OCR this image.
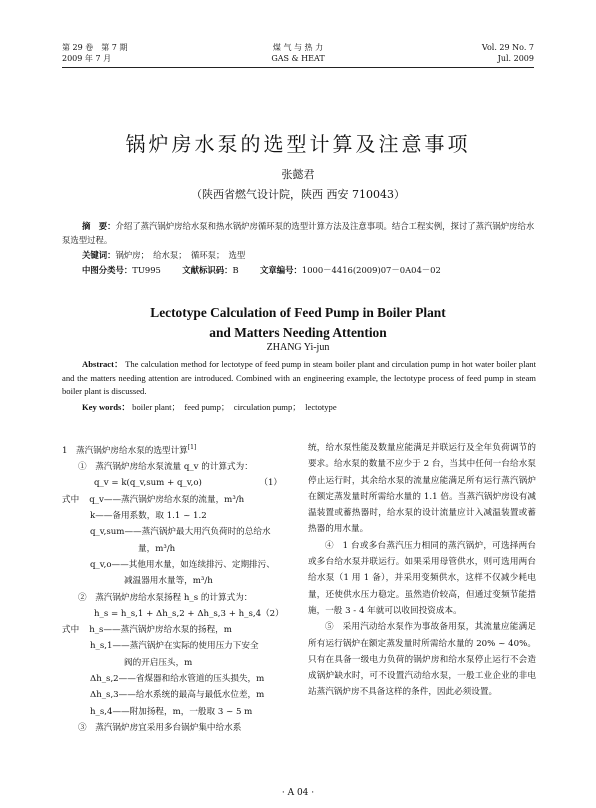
第 29 卷　第 7 期
2009 年 7 月
煤 气 与 热 力
GAS & HEAT
Vol. 29 No. 7
Jul. 2009
锅炉房水泵的选型计算及注意事项
张懿君
（陕西省燃气设计院，陕西 西安 710043）
摘　要：介绍了蒸汽锅炉房给水泵和热水锅炉房循环泵的选型计算方法及注意事项。结合工程实例，探讨了蒸汽锅炉房给水泵选型过程。
关键词：锅炉房；　给水泵；　循环泵；　选型
中图分类号：TU995	文献标识码：B	文章编号：1000－4416(2009)07－0A04－02
Lectotype Calculation of Feed Pump in Boiler Plant
and Matters Needing Attention
ZHANG Yi-jun
Abstract： The calculation method for lectotype of feed pump in steam boiler plant and circulation pump in hot water boiler plant and the matters needing attention are introduced. Combined with an engineering example, the lectotype process of feed pump in steam boiler plant is discussed.
Key words： boiler plant；　feed pump；　circulation pump；　lectotype
1　蒸汽锅炉房给水泵的选型计算[1]
①　蒸汽锅炉房给水泵流量 q_v 的计算式为：
q_v = k(q_v,sum + q_v,o)	（1）
式中 q_v——蒸汽锅炉房给水泵的流量，m³/h
k——备用系数，取 1.1 ~ 1.2
q_v,sum——蒸汽锅炉最大用汽负荷时的总给水
量，m³/h
q_v,o——其他用水量，如连续排污、定期排污、
减温器用水量等，m³/h
②　蒸汽锅炉房给水泵扬程 h_s 的计算式为：
h_s = h_s,1 + Δh_s,2 + Δh_s,3 + h_s,4 （2）
式中 h_s——蒸汽锅炉房给水泵的扬程，m
h_s,1——蒸汽锅炉在实际的使用压力下安全
阀的开启压头，m
Δh_s,2——省煤器和给水管道的压头损失，m
Δh_s,3——给水系统的最高与最低水位差，m
h_s,4——附加扬程，m，一般取 3 ~ 5 m
③　蒸汽锅炉房宜采用多台锅炉集中给水系

统，给水泵性能及数量应能满足并联运行及全年负荷调节的要求。给水泵的数量不应少于 2 台，当其中任何一台给水泵停止运行时，其余给水泵的流量应能满足所有运行蒸汽锅炉在额定蒸发量时所需给水量的 1.1 倍。当蒸汽锅炉房设有减温装置或蓄热器时，给水泵的设计流量应计入减温装置或蓄热器的用水量。

④　1 台或多台蒸汽压力相同的蒸汽锅炉，可选择两台或多台给水泵并联运行。如果采用母管供水，则可选用两台给水泵（1 用 1 备），并采用变频供水，这样不仅减少耗电量，还使供水压力稳定。虽然造价较高，但通过变频节能措施，一般 3 - 4 年就可以收回投资成本。

⑤　采用汽动给水泵作为事故备用泵，其流量应能满足所有运行锅炉在额定蒸发量时所需给水量的 20% ~ 40%。只有在具备一级电力负荷的锅炉房和给水泵停止运行不会造成锅炉缺水时，可不设置汽动给水泵，一般工业企业的非电站蒸汽锅炉房不具备这样的条件，因此必须设置。

· A 04 ·
